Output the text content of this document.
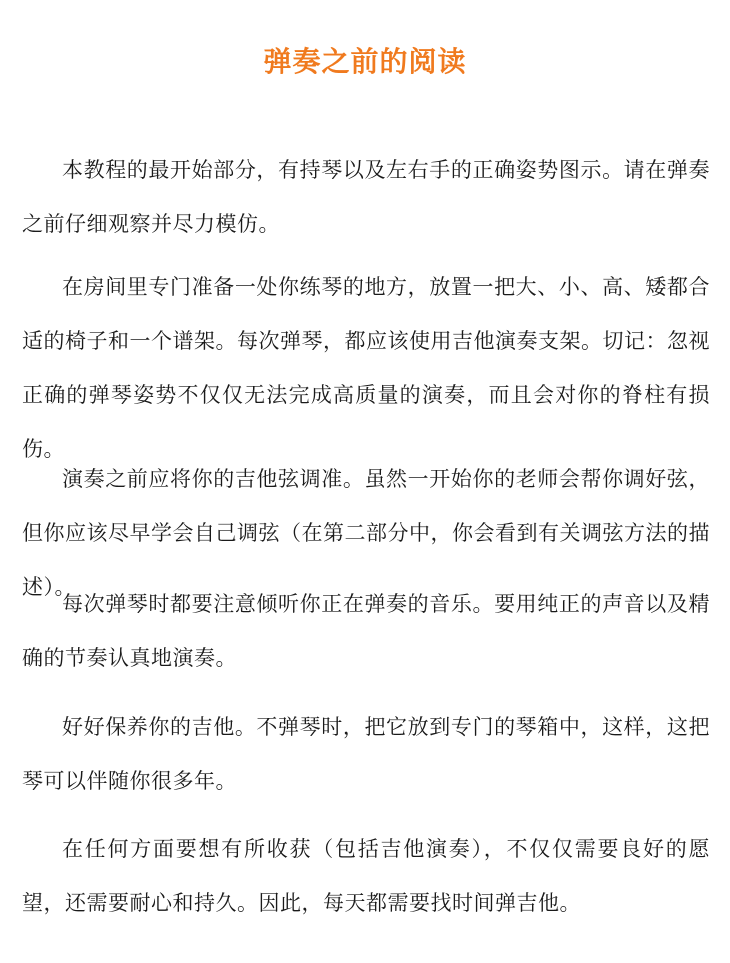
弹奏之前的阅读

本教程的最开始部分，有持琴以及左右手的正确姿势图示。请在弹奏之前仔细观察并尽力模仿。

在房间里专门准备一处你练琴的地方，放置一把大、小、高、矮都合适的椅子和一个谱架。每次弹琴，都应该使用吉他演奏支架。切记：忽视正确的弹琴姿势不仅仅无法完成高质量的演奏，而且会对你的脊柱有损伤。

演奏之前应将你的吉他弦调准。虽然一开始你的老师会帮你调好弦，但你应该尽早学会自己调弦（在第二部分中，你会看到有关调弦方法的描述）。

每次弹琴时都要注意倾听你正在弹奏的音乐。要用纯正的声音以及精确的节奏认真地演奏。

好好保养你的吉他。不弹琴时，把它放到专门的琴箱中，这样，这把琴可以伴随你很多年。

在任何方面要想有所收获（包括吉他演奏），不仅仅需要良好的愿望，还需要耐心和持久。因此，每天都需要找时间弹吉他。
